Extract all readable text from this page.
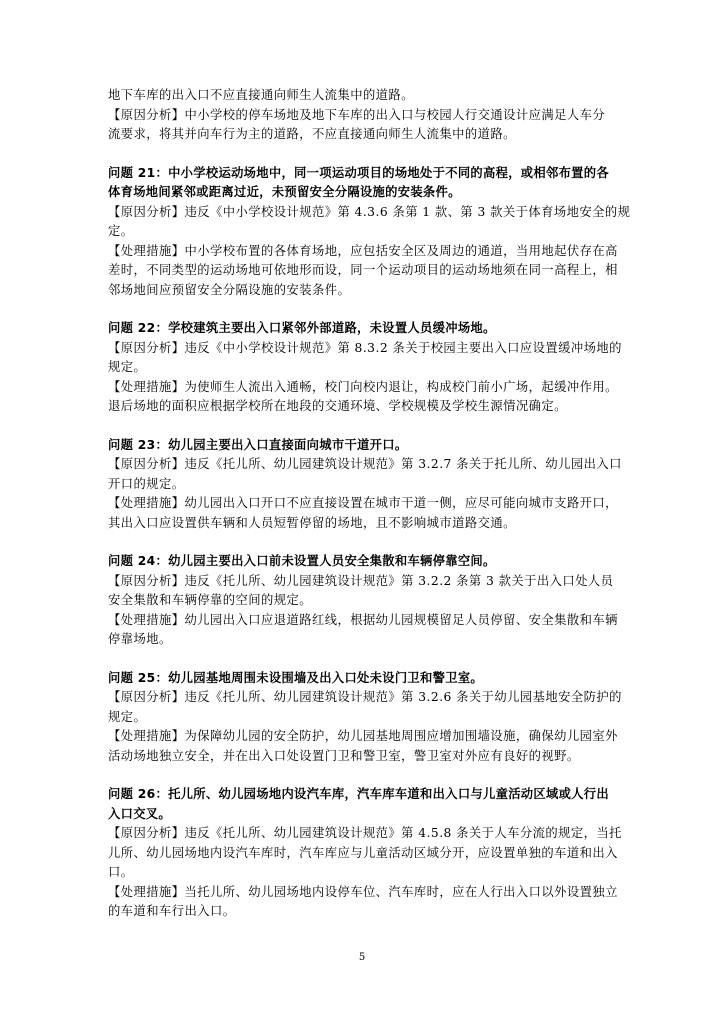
地下车库的出入口不应直接通向师生人流集中的道路。
【原因分析】中小学校的停车场地及地下车库的出入口与校园人行交通设计应满足人车分
流要求，将其并向车行为主的道路，不应直接通向师生人流集中的道路。
问题 21：中小学校运动场地中，同一项运动项目的场地处于不同的高程，或相邻布置的各
体育场地间紧邻或距离过近，未预留安全分隔设施的安装条件。
【原因分析】违反《中小学校设计规范》第 4.3.6 条第 1 款、第 3 款关于体育场地安全的规
定。
【处理措施】中小学校布置的各体育场地，应包括安全区及周边的通道，当用地起伏存在高
差时，不同类型的运动场地可依地形而设，同一个运动项目的运动场地须在同一高程上，相
邻场地间应预留安全分隔设施的安装条件。
问题 22：学校建筑主要出入口紧邻外部道路，未设置人员缓冲场地。
【原因分析】违反《中小学校设计规范》第 8.3.2 条关于校园主要出入口应设置缓冲场地的
规定。
【处理措施】为使师生人流出入通畅，校门向校内退让，构成校门前小广场，起缓冲作用。
退后场地的面积应根据学校所在地段的交通环境、学校规模及学校生源情况确定。
问题 23：幼儿园主要出入口直接面向城市干道开口。
【原因分析】违反《托儿所、幼儿园建筑设计规范》第 3.2.7 条关于托儿所、幼儿园出入口
开口的规定。
【处理措施】幼儿园出入口开口不应直接设置在城市干道一侧，应尽可能向城市支路开口，
其出入口应设置供车辆和人员短暂停留的场地，且不影响城市道路交通。
问题 24：幼儿园主要出入口前未设置人员安全集散和车辆停靠空间。
【原因分析】违反《托儿所、幼儿园建筑设计规范》第 3.2.2 条第 3 款关于出入口处人员
安全集散和车辆停靠的空间的规定。
【处理措施】幼儿园出入口应退道路红线，根据幼儿园规模留足人员停留、安全集散和车辆
停靠场地。
问题 25：幼儿园基地周围未设围墙及出入口处未设门卫和警卫室。
【原因分析】违反《托儿所、幼儿园建筑设计规范》第 3.2.6 条关于幼儿园基地安全防护的
规定。
【处理措施】为保障幼儿园的安全防护，幼儿园基地周围应增加围墙设施，确保幼儿园室外
活动场地独立安全，并在出入口处设置门卫和警卫室，警卫室对外应有良好的视野。
问题 26：托儿所、幼儿园场地内设汽车库，汽车库车道和出入口与儿童活动区域或人行出
入口交叉。
【原因分析】违反《托儿所、幼儿园建筑设计规范》第 4.5.8 条关于人车分流的规定，当托
儿所、幼儿园场地内设汽车库时，汽车库应与儿童活动区域分开，应设置单独的车道和出入
口。
【处理措施】当托儿所、幼儿园场地内设停车位、汽车库时，应在人行出入口以外设置独立
的车道和车行出入口。
5
